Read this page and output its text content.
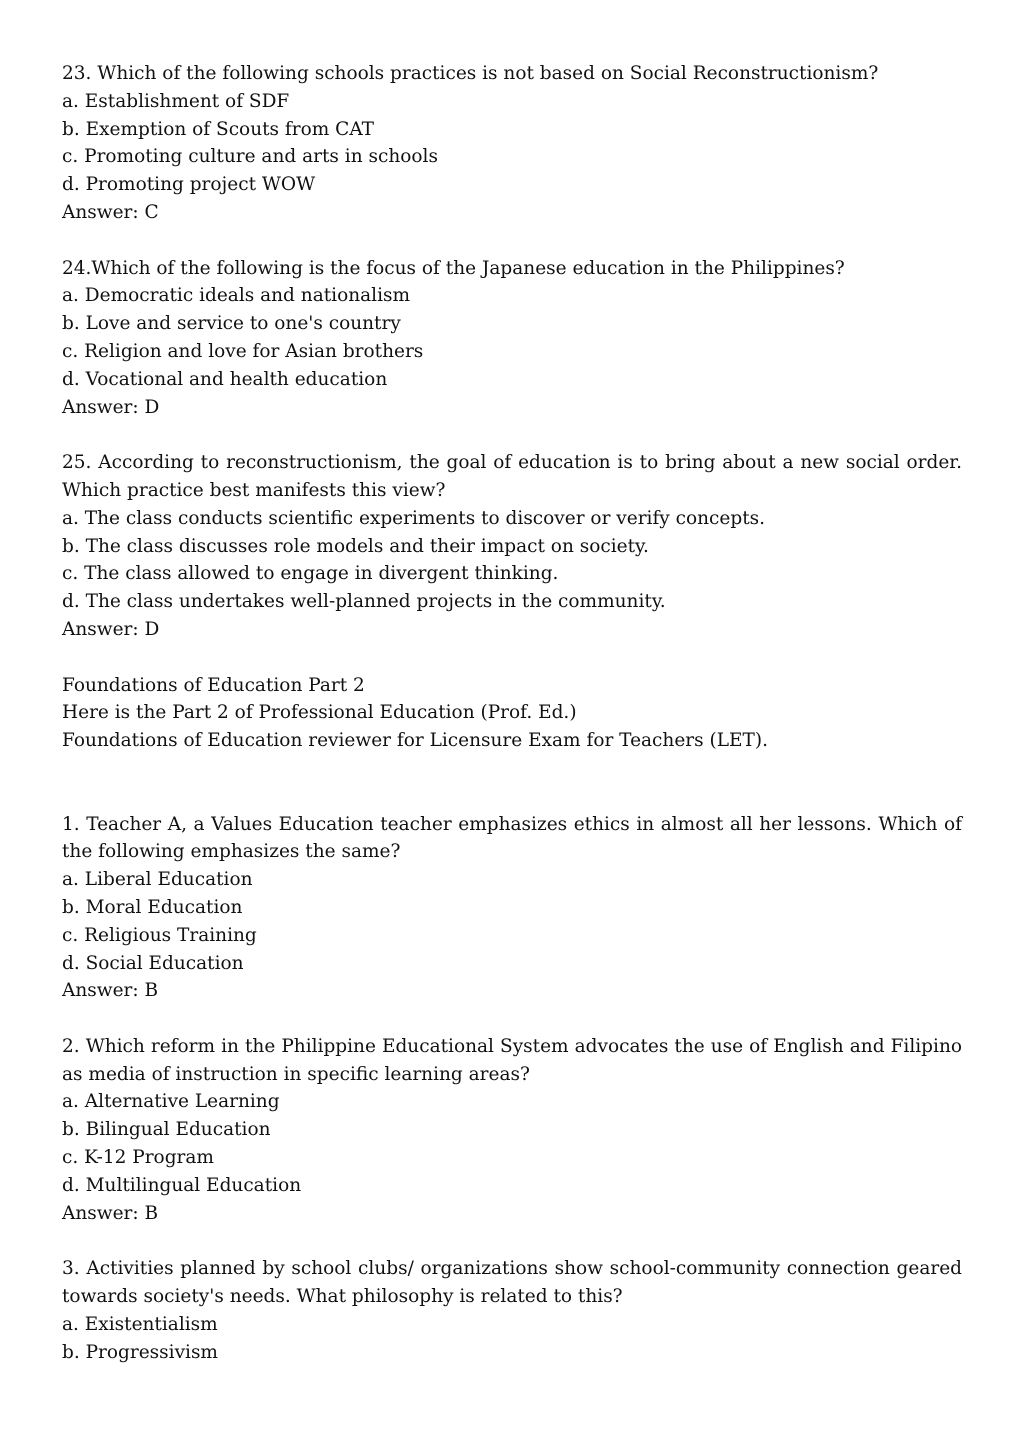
23. Which of the following schools practices is not based on Social Reconstructionism?
a. Establishment of SDF
b. Exemption of Scouts from CAT
c. Promoting culture and arts in schools
d. Promoting project WOW
Answer: C
24.Which of the following is the focus of the Japanese education in the Philippines?
a. Democratic ideals and nationalism
b. Love and service to one's country
c. Religion and love for Asian brothers
d. Vocational and health education
Answer: D
25. According to reconstructionism, the goal of education is to bring about a new social order. Which practice best manifests this view?
a. The class conducts scientific experiments to discover or verify concepts.
b. The class discusses role models and their impact on society.
c. The class allowed to engage in divergent thinking.
d. The class undertakes well-planned projects in the community.
Answer: D
Foundations of Education Part 2
Here is the Part 2 of Professional Education (Prof. Ed.)
Foundations of Education reviewer for Licensure Exam for Teachers (LET).
1. Teacher A, a Values Education teacher emphasizes ethics in almost all her lessons. Which of the following emphasizes the same?
a. Liberal Education
b. Moral Education
c. Religious Training
d. Social Education
Answer: B
2. Which reform in the Philippine Educational System advocates the use of English and Filipino as media of instruction in specific learning areas?
a. Alternative Learning
b. Bilingual Education
c. K-12 Program
d. Multilingual Education
Answer: B
3. Activities planned by school clubs/ organizations show school-community connection geared towards society's needs. What philosophy is related to this?
a. Existentialism
b. Progressivism
